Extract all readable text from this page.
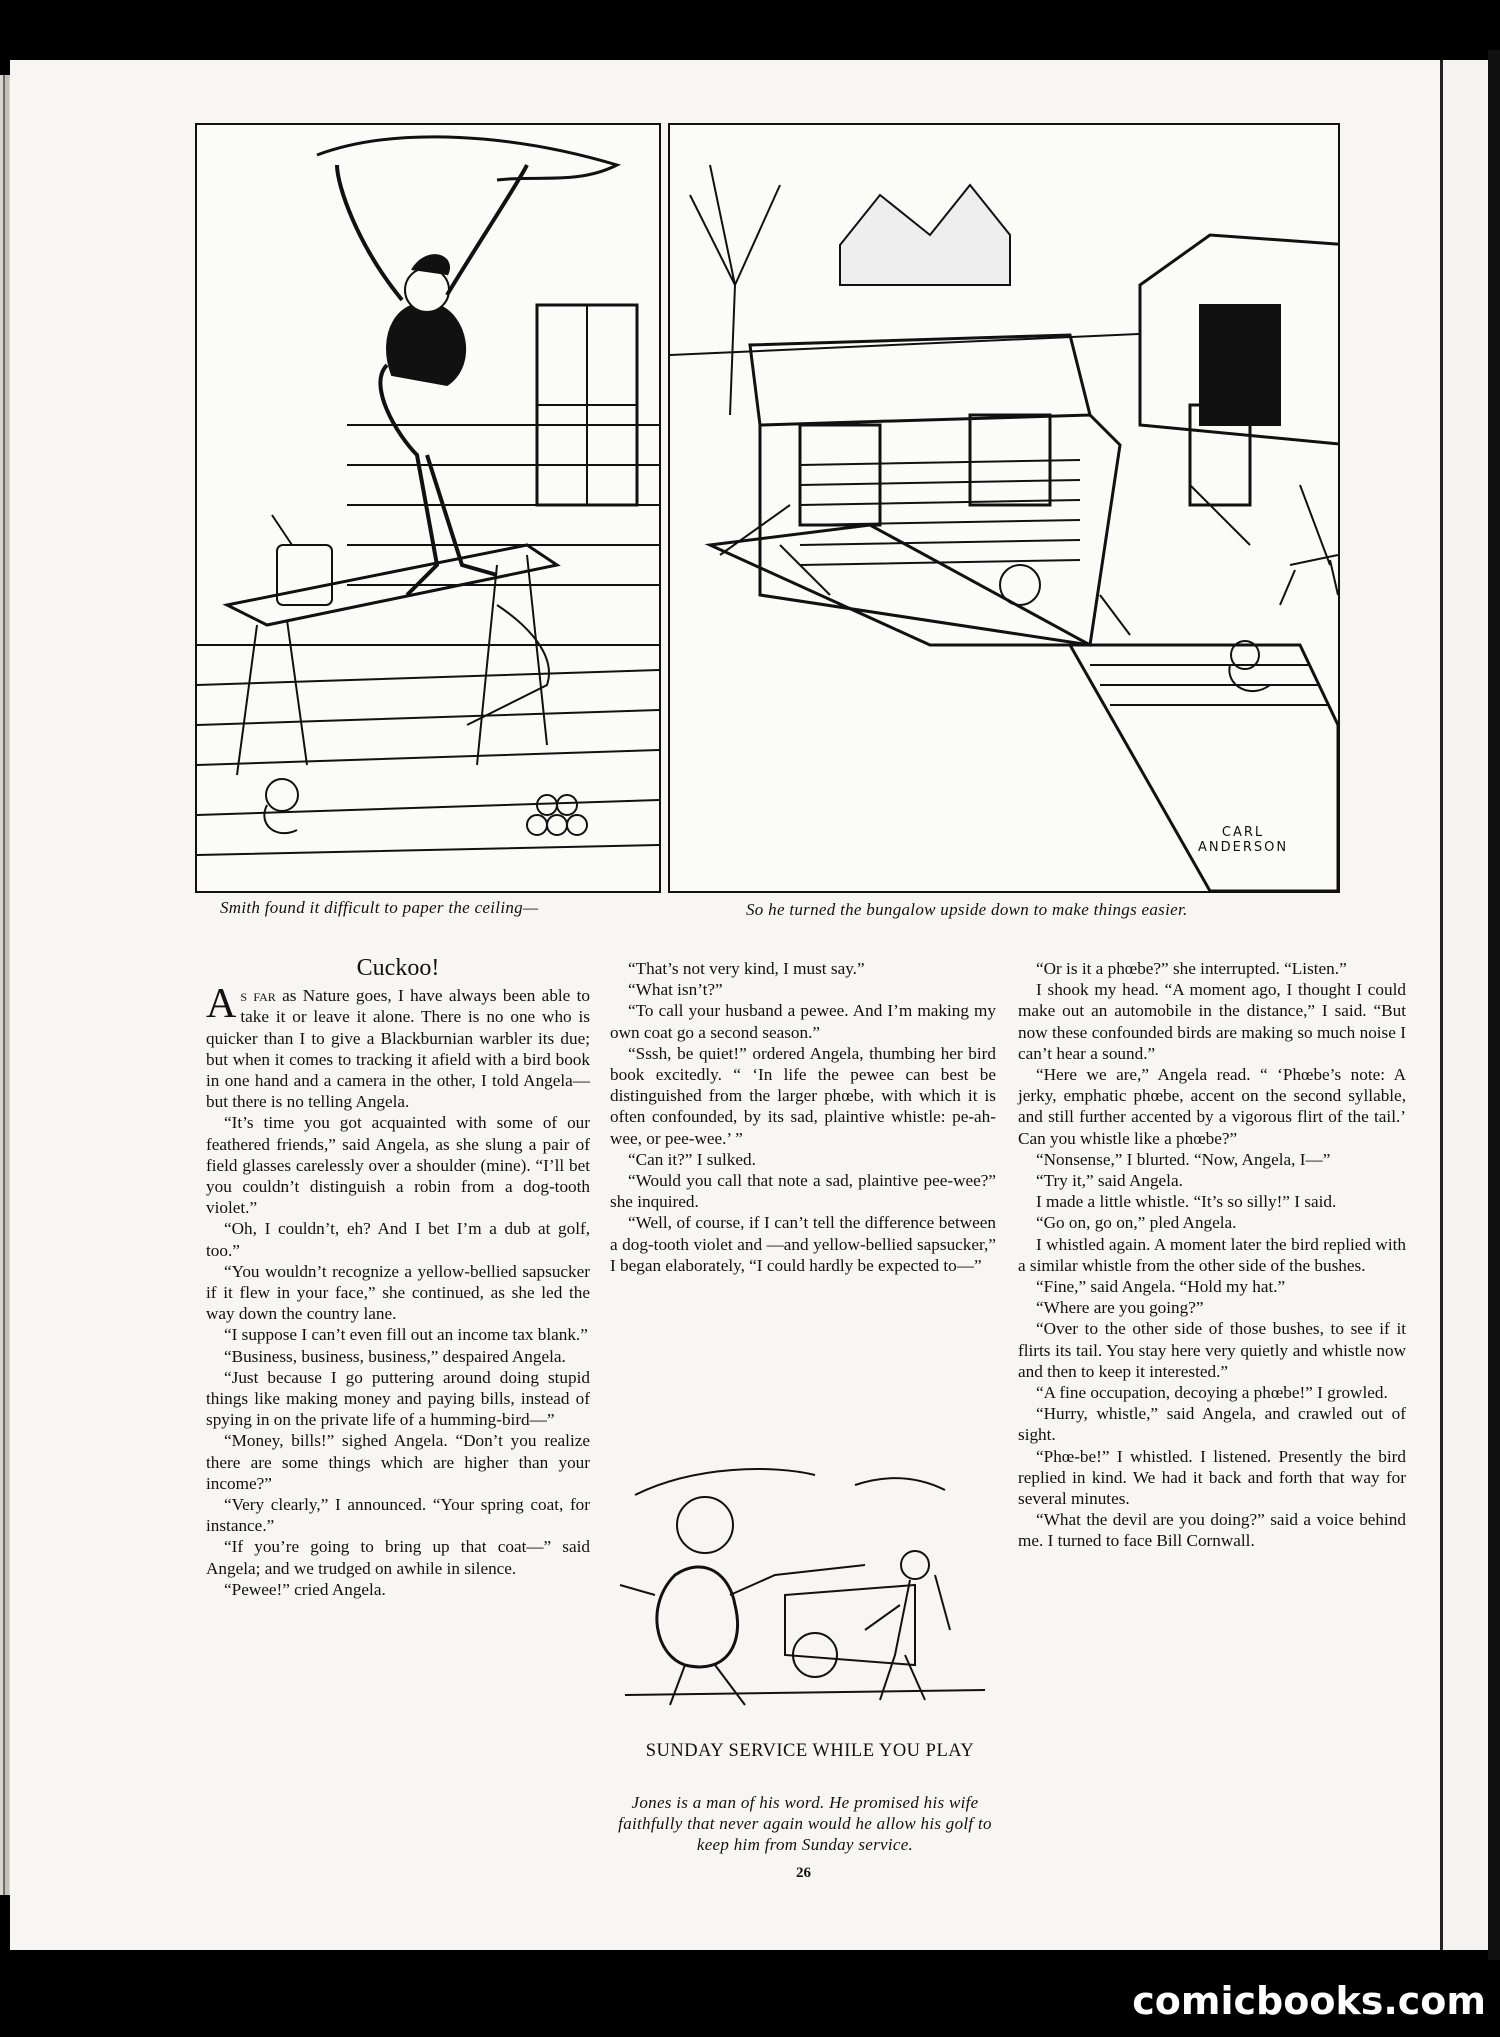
CARL
ANDERSON
Smith found it difficult to paper the ceiling—	So he turned the bungalow upside down to make things easier.
Cuckoo!

As far as Nature goes, I have always been able to take it or leave it alone. There is no one who is quicker than I to give a Blackburnian warbler its due; but when it comes to tracking it afield with a bird book in one hand and a camera in the other, I told Angela—but there is no telling Angela.

“It’s time you got acquainted with some of our feathered friends,” said Angela, as she slung a pair of field glasses carelessly over a shoulder (mine). “I’ll bet you couldn’t distinguish a robin from a dog-tooth violet.”

“Oh, I couldn’t, eh? And I bet I’m a dub at golf, too.”

“You wouldn’t recognize a yellow-bellied sapsucker if it flew in your face,” she continued, as she led the way down the country lane.

“I suppose I can’t even fill out an income tax blank.”

“Business, business, business,” despaired Angela.

“Just because I go puttering around doing stupid things like making money and paying bills, instead of spying in on the private life of a humming-bird—”

“Money, bills!” sighed Angela. “Don’t you realize there are some things which are higher than your income?”

“Very clearly,” I announced. “Your spring coat, for instance.”

“If you’re going to bring up that coat—” said Angela; and we trudged on awhile in silence.

“Pewee!” cried Angela.

“That’s not very kind, I must say.”

“What isn’t?”

“To call your husband a pewee. And I’m making my own coat go a second season.”

“Sssh, be quiet!” ordered Angela, thumbing her bird book excitedly. “ ‘In life the pewee can best be distinguished from the larger phœbe, with which it is often confounded, by its sad, plaintive whistle: pe-ah-wee, or pee-wee.’ ”

“Can it?” I sulked.

“Would you call that note a sad, plaintive pee-wee?” she inquired.

“Well, of course, if I can’t tell the difference between a dog-tooth violet and —and yellow-bellied sapsucker,” I began elaborately, “I could hardly be expected to—”

SUNDAY SERVICE WHILE YOU PLAY
Jones is a man of his word. He promised his wife faithfully that never again would he allow his golf to keep him from Sunday service.

“Or is it a phœbe?” she interrupted. “Listen.”

I shook my head. “A moment ago, I thought I could make out an automobile in the distance,” I said. “But now these confounded birds are making so much noise I can’t hear a sound.”

“Here we are,” Angela read. “ ‘Phœbe’s note: A jerky, emphatic phœbe, accent on the second syllable, and still further accented by a vigorous flirt of the tail.’ Can you whistle like a phœbe?”

“Nonsense,” I blurted. “Now, Angela, I—”

“Try it,” said Angela.

I made a little whistle. “It’s so silly!” I said.

“Go on, go on,” pled Angela.

I whistled again. A moment later the bird replied with a similar whistle from the other side of the bushes.

“Fine,” said Angela. “Hold my hat.”

“Where are you going?”

“Over to the other side of those bushes, to see if it flirts its tail. You stay here very quietly and whistle now and then to keep it interested.”

“A fine occupation, decoying a phœbe!” I growled.

“Hurry, whistle,” said Angela, and crawled out of sight.

“Phœ-be!” I whistled. I listened. Presently the bird replied in kind. We had it back and forth that way for several minutes.

“What the devil are you doing?” said a voice behind me. I turned to face Bill Cornwall.

26
comicbooks.com
